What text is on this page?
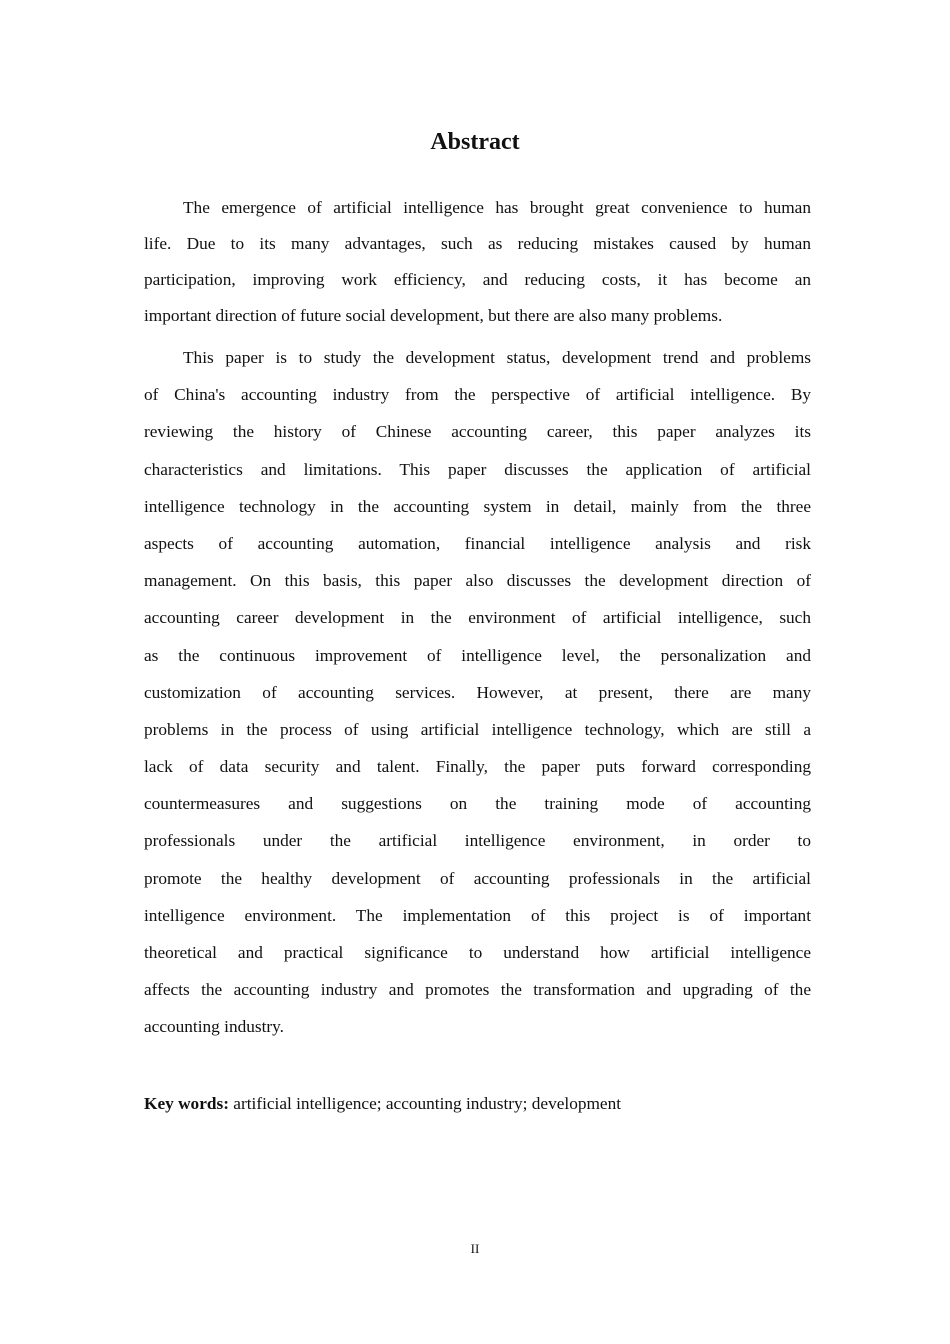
Abstract
The emergence of artificial intelligence has brought great convenience to human
life. Due to its many advantages, such as reducing mistakes caused by human
participation, improving work efficiency, and reducing costs, it has become an
important direction of future social development, but there are also many problems.
This paper is to study the development status, development trend and problems
of China's accounting industry from the perspective of artificial intelligence. By
reviewing the history of Chinese accounting career, this paper analyzes its
characteristics and limitations. This paper discusses the application of artificial
intelligence technology in the accounting system in detail, mainly from the three
aspects of accounting automation, financial intelligence analysis and risk
management. On this basis, this paper also discusses the development direction of
accounting career development in the environment of artificial intelligence, such
as the continuous improvement of intelligence level, the personalization and
customization of accounting services. However, at present, there are many
problems in the process of using artificial intelligence technology, which are still a
lack of data security and talent. Finally, the paper puts forward corresponding
countermeasures and suggestions on the training mode of accounting
professionals under the artificial intelligence environment, in order to
promote the healthy development of accounting professionals in the artificial
intelligence environment. The implementation of this project is of important
theoretical and practical significance to understand how artificial intelligence
affects the accounting industry and promotes the transformation and upgrading of the
accounting industry.

Key words: artificial intelligence; accounting industry; development

II
